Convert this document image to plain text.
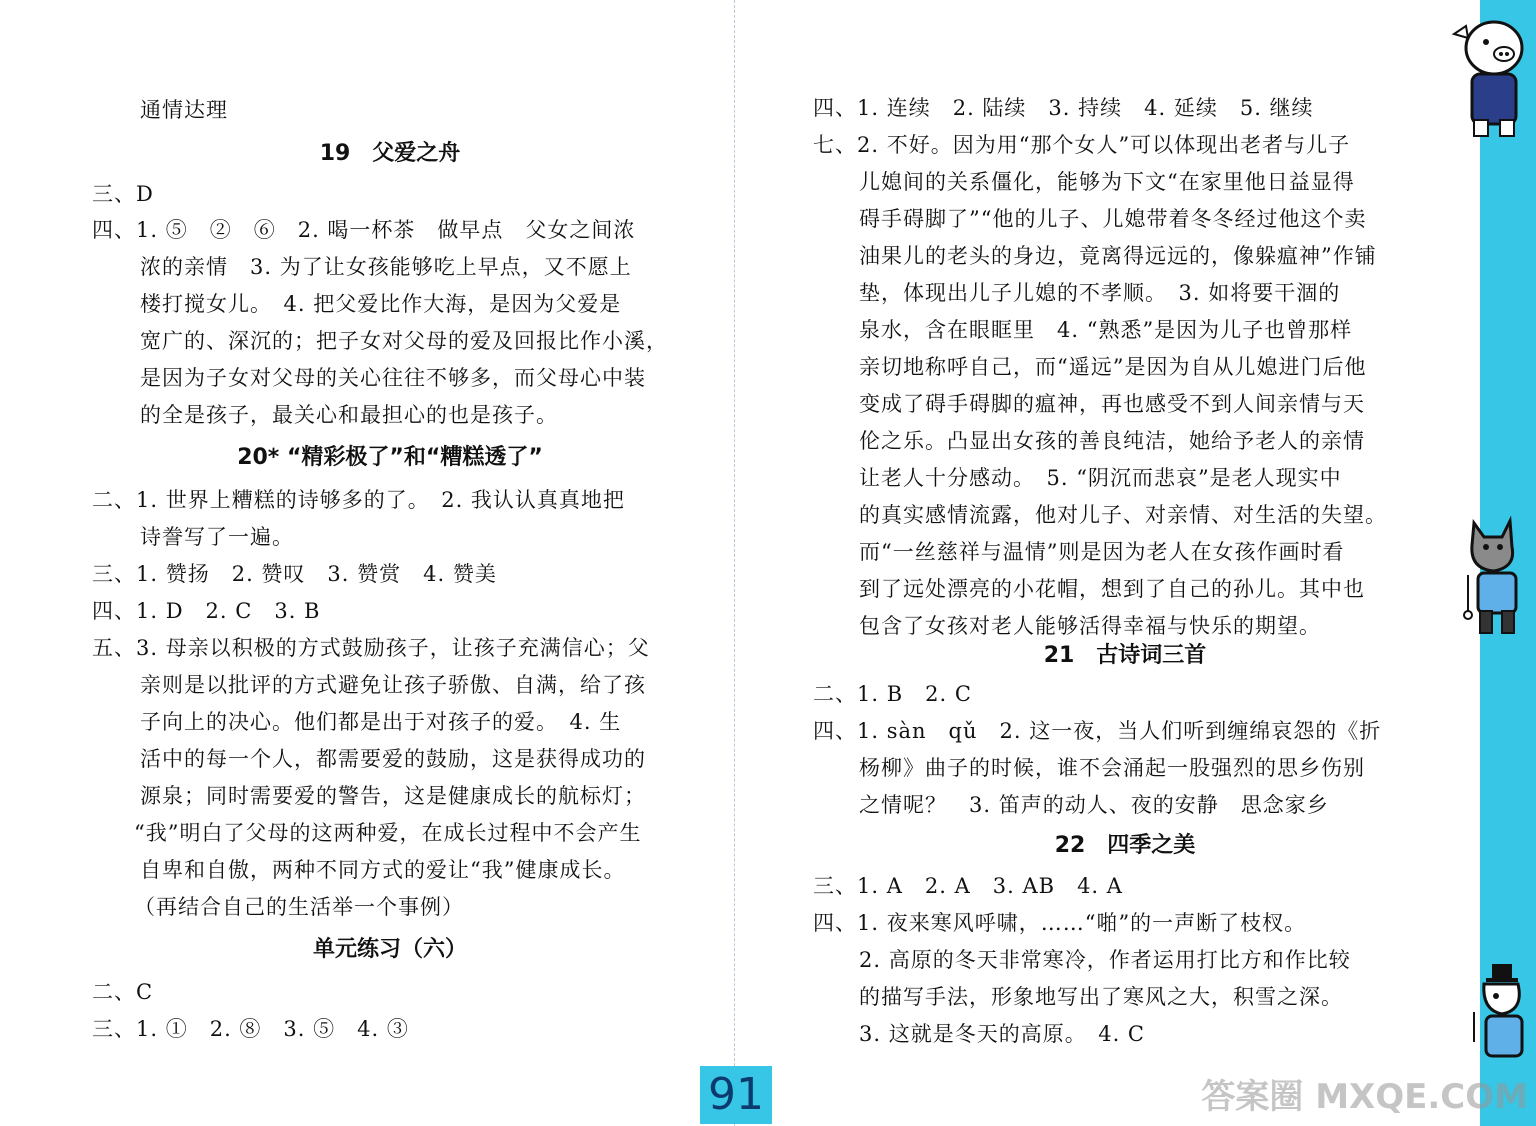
通情达理
19　父爱之舟
三、D
四、1. ⑤　②　⑥　2. 喝一杯茶　做早点　父女之间浓
浓的亲情　3. 为了让女孩能够吃上早点，又不愿上
楼打搅女儿。　4. 把父爱比作大海，是因为父爱是
宽广的、深沉的；把子女对父母的爱及回报比作小溪，
是因为子女对父母的关心往往不够多，而父母心中装
的全是孩子，最关心和最担心的也是孩子。
20* “精彩极了”和“糟糕透了”
二、1. 世界上糟糕的诗够多的了。　2. 我认认真真地把
诗誊写了一遍。
三、1. 赞扬　2. 赞叹　3. 赞赏　4. 赞美
四、1. D　2. C　3. B
五、3. 母亲以积极的方式鼓励孩子，让孩子充满信心；父
亲则是以批评的方式避免让孩子骄傲、自满，给了孩
子向上的决心。他们都是出于对孩子的爱。　4. 生
活中的每一个人，都需要爱的鼓励，这是获得成功的
源泉；同时需要爱的警告，这是健康成长的航标灯；
“我”明白了父母的这两种爱，在成长过程中不会产生
自卑和自傲，两种不同方式的爱让“我”健康成长。
（再结合自己的生活举一个事例）
单元练习（六）
二、C
三、1. ①　2. ⑧　3. ⑤　4. ③
四、1. 连续　2. 陆续　3. 持续　4. 延续　5. 继续
七、2. 不好。因为用“那个女人”可以体现出老者与儿子
儿媳间的关系僵化，能够为下文“在家里他日益显得
碍手碍脚了”“他的儿子、儿媳带着冬冬经过他这个卖
油果儿的老头的身边，竟离得远远的，像躲瘟神”作铺
垫，体现出儿子儿媳的不孝顺。　3. 如将要干涸的
泉水，含在眼眶里　4. “熟悉”是因为儿子也曾那样
亲切地称呼自己，而“遥远”是因为自从儿媳进门后他
变成了碍手碍脚的瘟神，再也感受不到人间亲情与天
伦之乐。凸显出女孩的善良纯洁，她给予老人的亲情
让老人十分感动。　5. “阴沉而悲哀”是老人现实中
的真实感情流露，他对儿子、对亲情、对生活的失望。
而“一丝慈祥与温情”则是因为老人在女孩作画时看
到了远处漂亮的小花帽，想到了自己的孙儿。其中也
包含了女孩对老人能够活得幸福与快乐的期望。
21　古诗词三首
二、1. B　2. C
四、1. sàn　qǔ　2. 这一夜，当人们听到缠绵哀怨的《折
杨柳》曲子的时候，谁不会涌起一股强烈的思乡伤别
之情呢？　3. 笛声的动人、夜的安静　思念家乡
22　四季之美
三、1. A　2. A　3. AB　4. A
四、1. 夜来寒风呼啸，……“啪”的一声断了枝杈。
2. 高原的冬天非常寒冷，作者运用打比方和作比较
的描写手法，形象地写出了寒风之大，积雪之深。
3. 这就是冬天的高原。　4. C
91	答案圈 MXQE.COM
